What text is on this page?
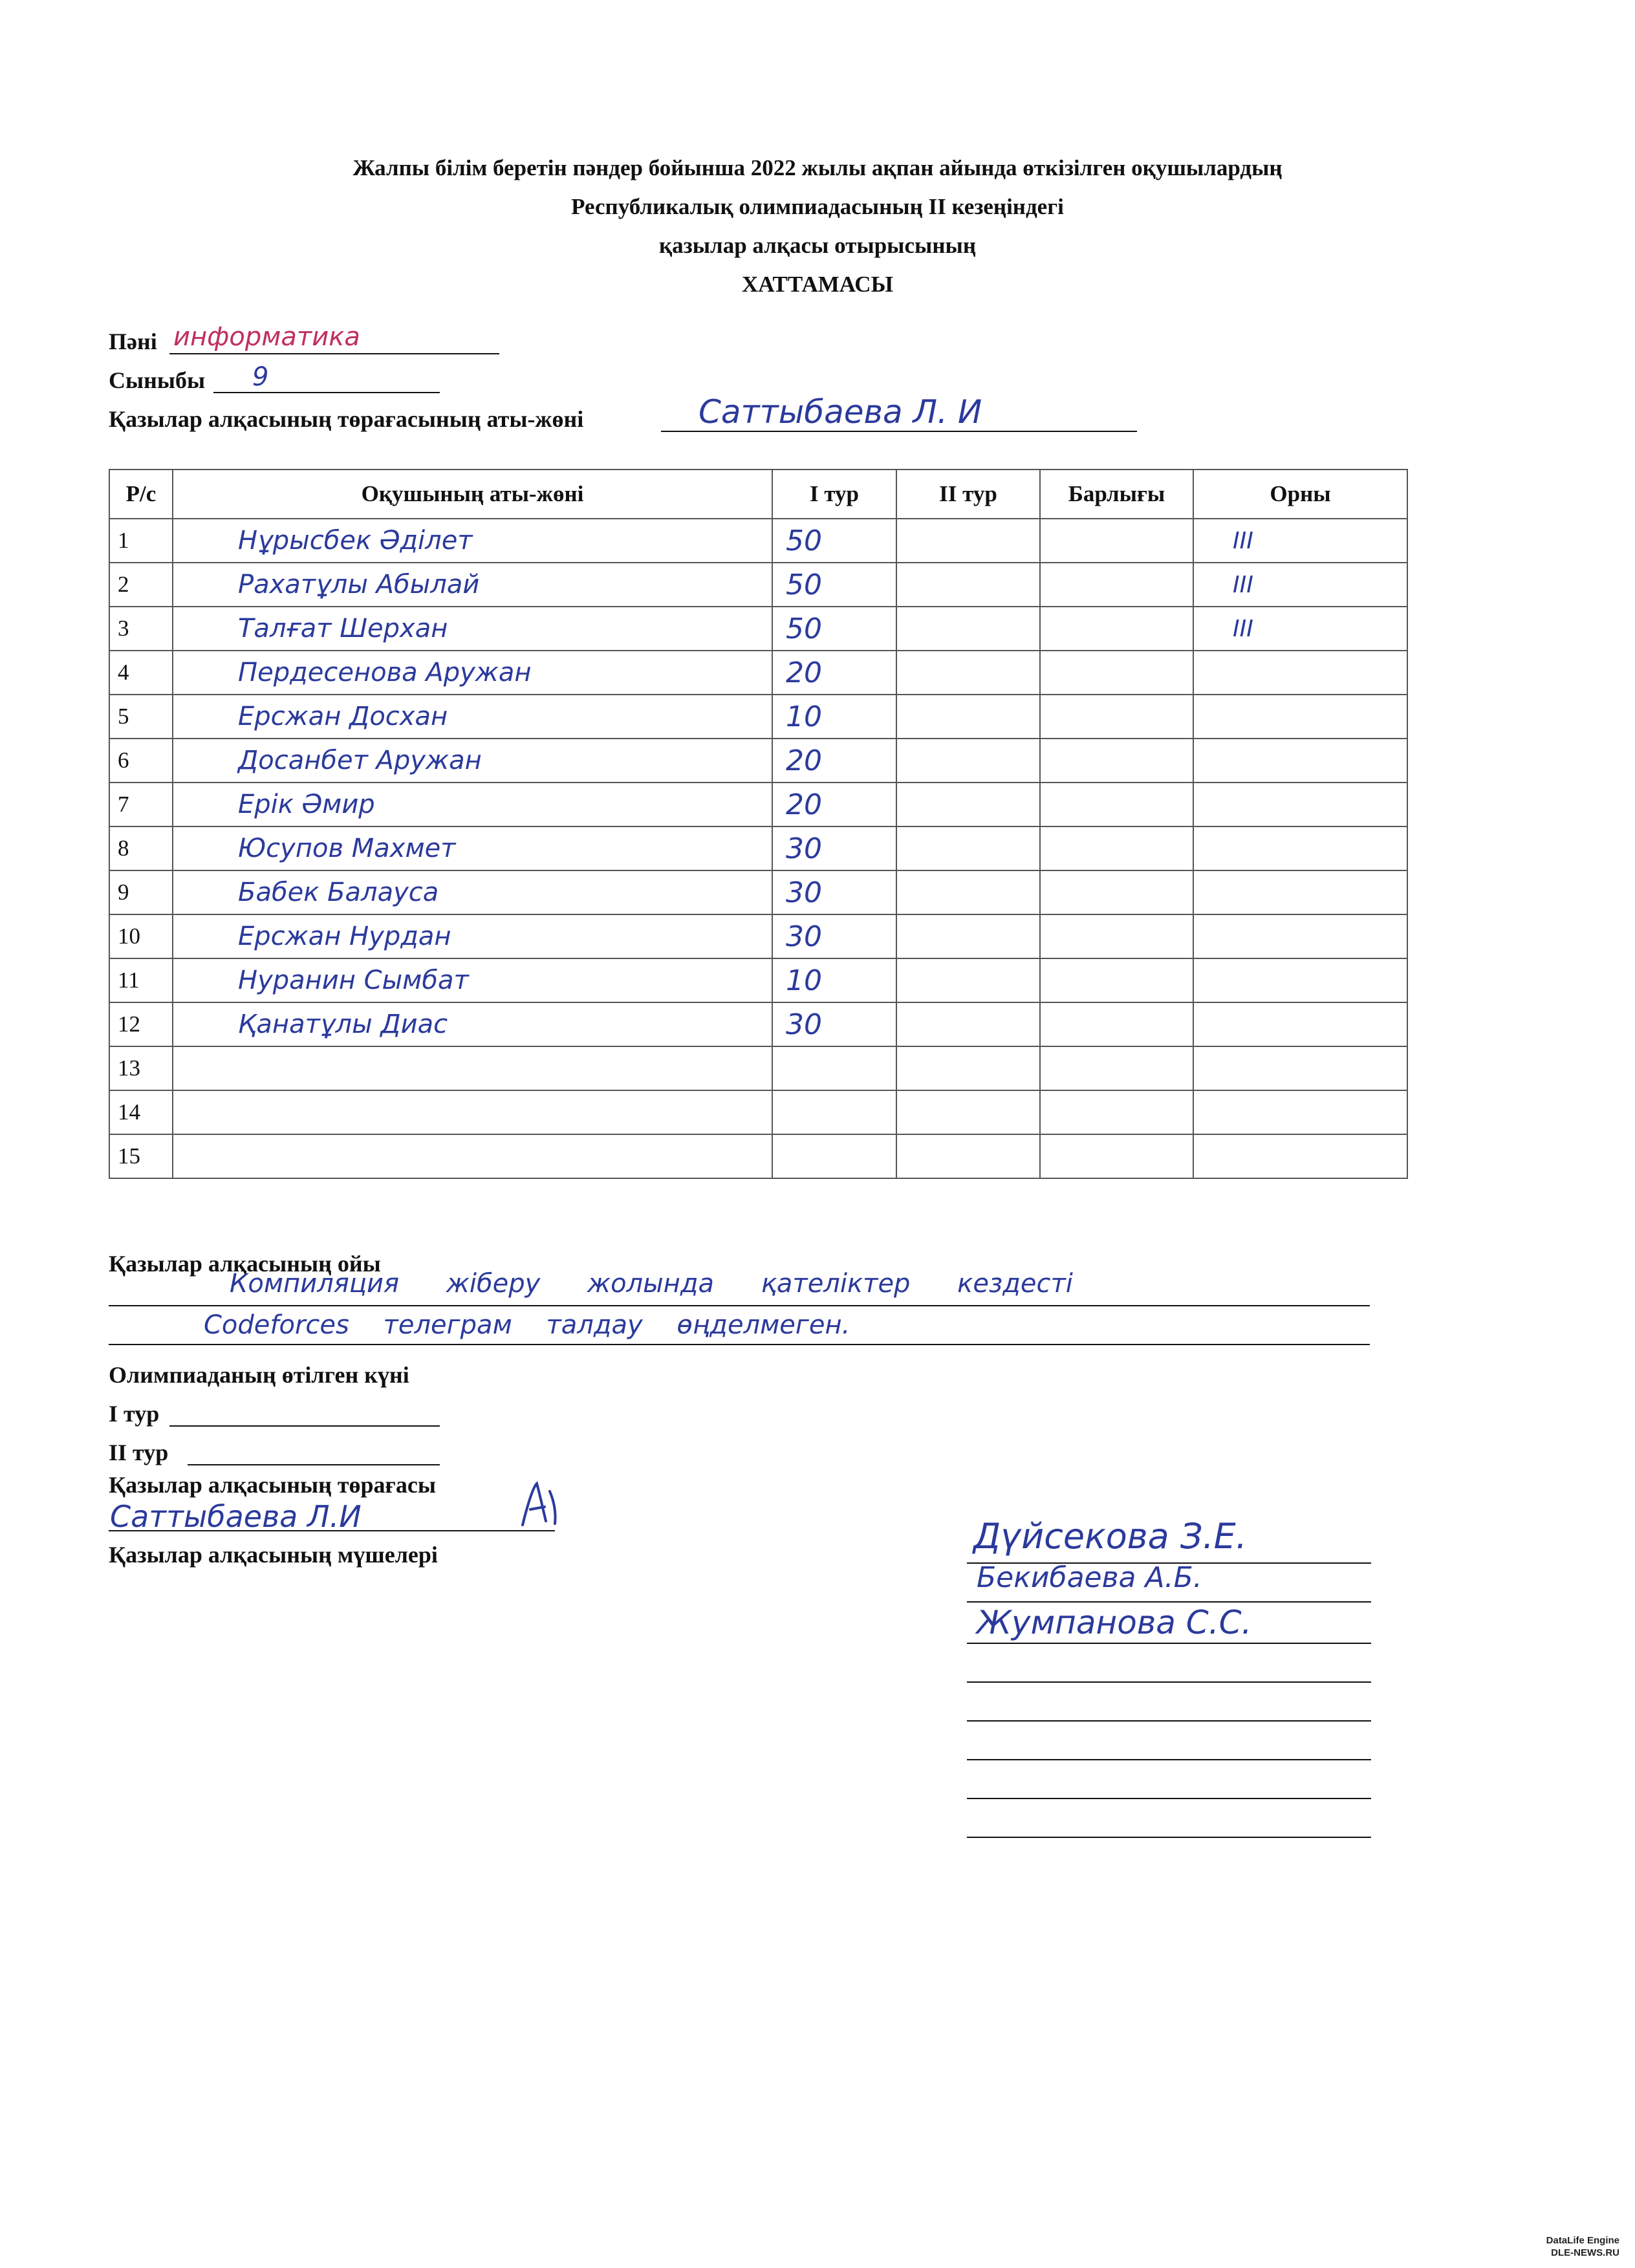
Жалпы білім беретін пәндер бойынша 2022 жылы ақпан айында өткізілген оқушылардың
Республикалық олимпиадасының II кезеңіндегі
қазылар алқасы отырысының
ХАТТАМАСЫ
Пәні информатика
Сыныбы 9
Қазылар алқасының төрағасының аты-жөні	Саттыбаева Л. И
Р/с	Оқушының аты-жөні	I тур	II тур	Барлығы	Орны
1	Нұрысбек Әділет	50			III
2	Рахатұлы Абылай	50			III
3	Талғат Шерхан	50			III
4	Пердесенова Аружан	20			
5	Ерсжан Досхан	10			
6	Досанбет Аружан	20			
7	Ерік Әмир	20			
8	Юсупов Махмет	30			
9	Бабек Балауса	30			
10	Ерсжан Нурдан	30			
11	Нуранин Сымбат	10			
12	Қанатұлы Диас	30			
13					
14					
15					
Қазылар алқасының ойы
Компиляция жіберу жолында қателіктер кездесті
Codeforces телеграм талдау өңделмеген.
Олимпиаданың өтілген күні
I тур
II тур
Қазылар алқасының төрағасы
Саттыбаева Л.И
Қазылар алқасының мүшелері	Дүйсекова З.Е.
Бекибаева А.Б.
Жумпанова С.С.
DataLife Engine
DLE-NEWS.RU
